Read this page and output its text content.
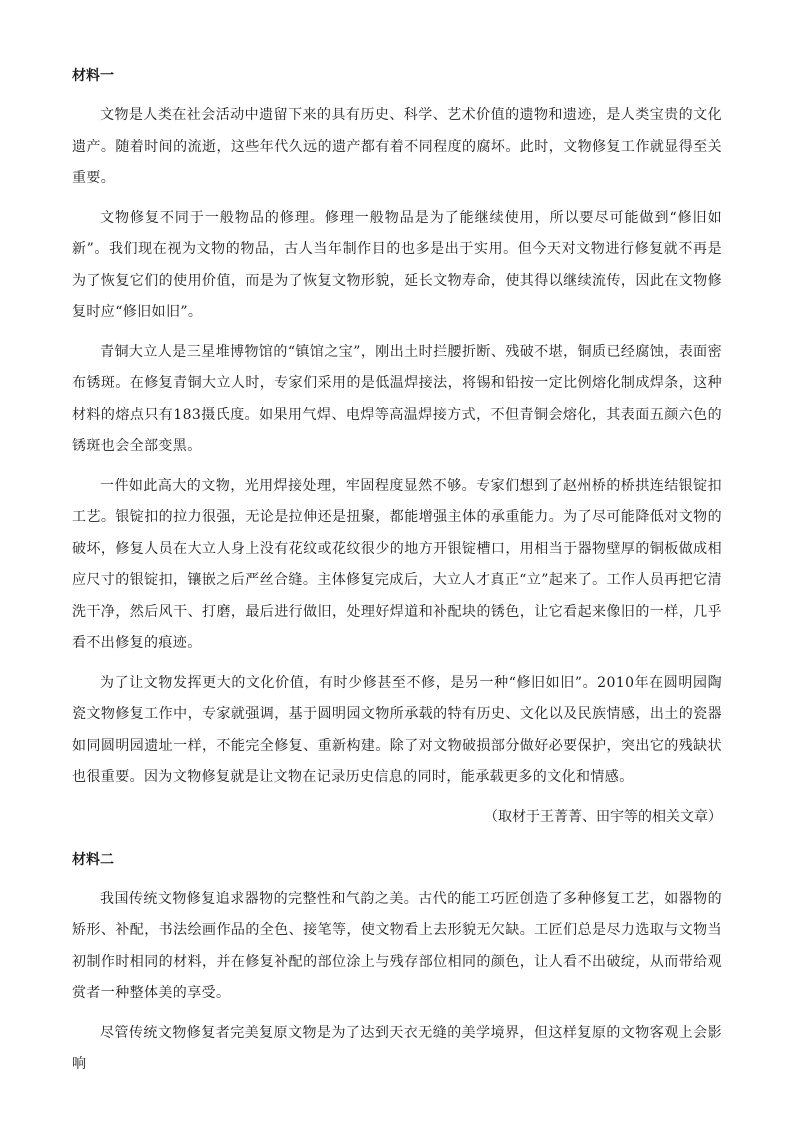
材料一

文物是人类在社会活动中遗留下来的具有历史、科学、艺术价值的遗物和遗迹，是人类宝贵的文化遗产。随着时间的流逝，这些年代久远的遗产都有着不同程度的腐坏。此时，文物修复工作就显得至关重要。

文物修复不同于一般物品的修理。修理一般物品是为了能继续使用，所以要尽可能做到“修旧如新”。我们现在视为文物的物品，古人当年制作目的也多是出于实用。但今天对文物进行修复就不再是为了恢复它们的使用价值，而是为了恢复文物形貌，延长文物寿命，使其得以继续流传，因此在文物修复时应“修旧如旧”。

青铜大立人是三星堆博物馆的“镇馆之宝”，刚出土时拦腰折断、残破不堪，铜质已经腐蚀，表面密布锈斑。在修复青铜大立人时，专家们采用的是低温焊接法，将锡和铅按一定比例熔化制成焊条，这种材料的熔点只有183摄氏度。如果用气焊、电焊等高温焊接方式，不但青铜会熔化，其表面五颜六色的锈斑也会全部变黑。

一件如此高大的文物，光用焊接处理，牢固程度显然不够。专家们想到了赵州桥的桥拱连结银锭扣工艺。银锭扣的拉力很强，无论是拉伸还是扭聚，都能增强主体的承重能力。为了尽可能降低对文物的破坏，修复人员在大立人身上没有花纹或花纹很少的地方开银锭槽口，用相当于器物壁厚的铜板做成相应尺寸的银锭扣，镶嵌之后严丝合缝。主体修复完成后，大立人才真正“立”起来了。工作人员再把它清洗干净，然后风干、打磨，最后进行做旧，处理好焊道和补配块的锈色，让它看起来像旧的一样，几乎看不出修复的痕迹。

为了让文物发挥更大的文化价值，有时少修甚至不修，是另一种“修旧如旧”。2010年在圆明园陶瓷文物修复工作中，专家就强调，基于圆明园文物所承载的特有历史、文化以及民族情感，出土的瓷器如同圆明园遗址一样，不能完全修复、重新构建。除了对文物破损部分做好必要保护，突出它的残缺状也很重要。因为文物修复就是让文物在记录历史信息的同时，能承载更多的文化和情感。

（取材于王菁菁、田宇等的相关文章）
材料二

我国传统文物修复追求器物的完整性和气韵之美。古代的能工巧匠创造了多种修复工艺，如器物的矫形、补配，书法绘画作品的全色、接笔等，使文物看上去形貌无欠缺。工匠们总是尽力选取与文物当初制作时相同的材料，并在修复补配的部位涂上与残存部位相同的颜色，让人看不出破绽，从而带给观赏者一种整体美的享受。

尽管传统文物修复者完美复原文物是为了达到天衣无缝的美学境界，但这样复原的文物客观上会影响
